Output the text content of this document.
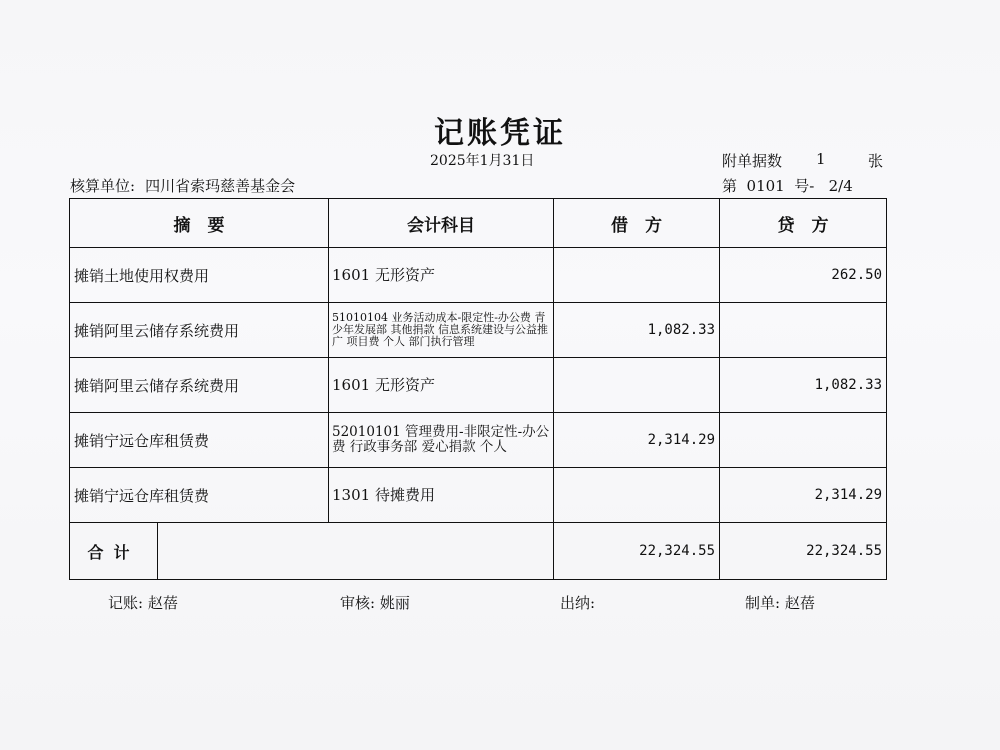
记账凭证
2025年1月31日	附单据数 1	张
核算单位: 四川省索玛慈善基金会	第  0101  号-   2/4
摘　要		会计科目	借　方	贷　方
摊销土地使用权费用		1601 无形资产		262.50
摊销阿里云储存系统费用		51010104 业务活动成本-限定性-办公费 青少年发展部 其他捐款 信息系统建设与公益推广 项目费 个人 部门执行管理	1,082.33	
摊销阿里云储存系统费用		1601 无形资产		1,082.33
摊销宁远仓库租赁费		52010101 管理费用-非限定性-办公费 行政事务部 爱心捐款 个人	2,314.29	
摊销宁远仓库租赁费		1301 待摊费用		2,314.29
合计			22,324.55	22,324.55
记账: 赵蓓	审核: 姚丽	出纳:	制单: 赵蓓
